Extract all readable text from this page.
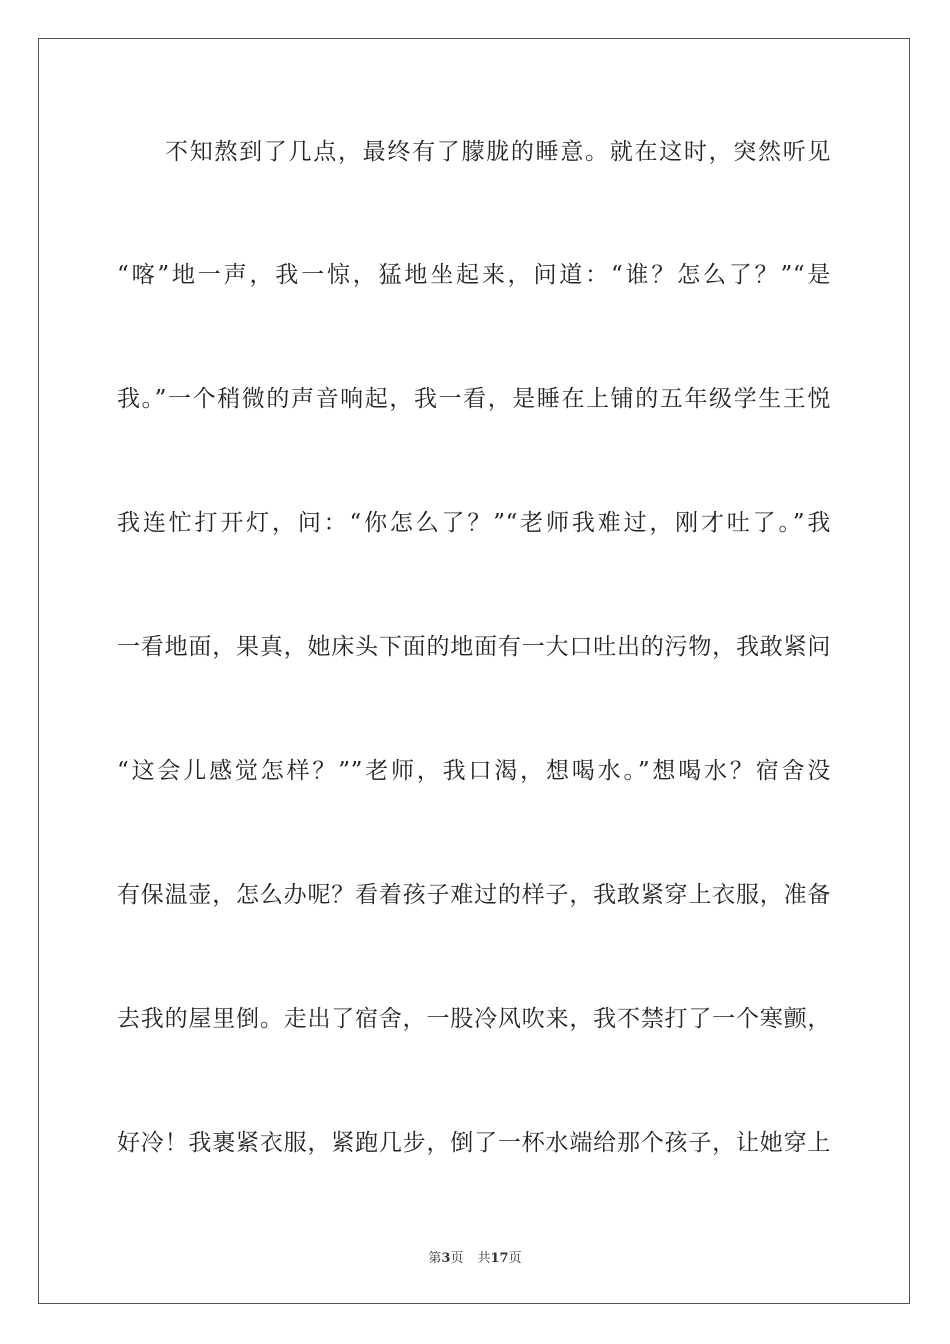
不知熬到了几点，最终有了朦胧的睡意。就在这时，突然听见
“喀”地一声，我一惊，猛地坐起来，问道：“谁？怎么了？”“是
我。”一个稍微的声音响起，我一看，是睡在上铺的五年级学生王悦
我连忙打开灯，问：“你怎么了？”“老师我难过，刚才吐了。”我
一看地面，果真，她床头下面的地面有一大口吐出的污物，我敢紧问
“这会儿感觉怎样？””老师，我口渴，想喝水。”想喝水？宿舍没
有保温壶，怎么办呢？看着孩子难过的样子，我敢紧穿上衣服，准备
去我的屋里倒。走出了宿舍，一股冷风吹来，我不禁打了一个寒颤，
好冷！我裹紧衣服，紧跑几步，倒了一杯水端给那个孩子，让她穿上
第3页 共17页
